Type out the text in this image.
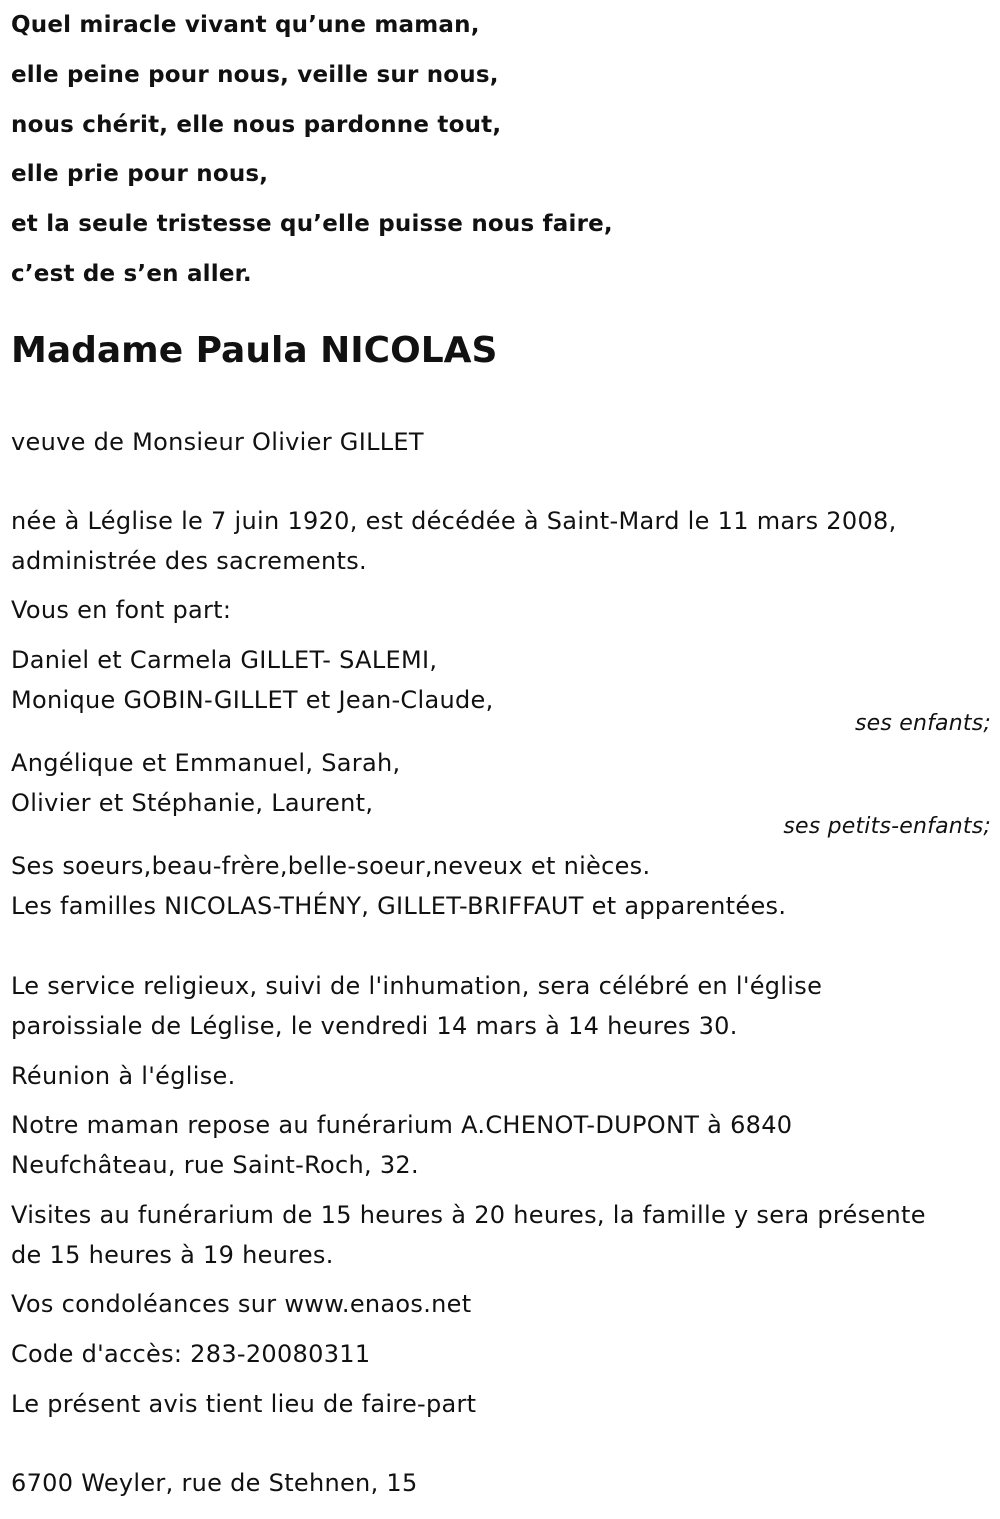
Quel miracle vivant qu’une maman,
elle peine pour nous, veille sur nous,
nous chérit, elle nous pardonne tout,
elle prie pour nous,
et la seule tristesse qu’elle puisse nous faire,
c’est de s’en aller.
Madame Paula NICOLAS
veuve de Monsieur Olivier GILLET
née à Léglise le 7 juin 1920, est décédée à Saint-Mard le 11 mars 2008,
administrée des sacrements.
Vous en font part:
Daniel et Carmela GILLET- SALEMI,
Monique GOBIN-GILLET et Jean-Claude,
ses enfants;
Angélique et Emmanuel, Sarah,
Olivier et Stéphanie, Laurent,
ses petits-enfants;
Ses soeurs,beau-frère,belle-soeur,neveux et nièces.
Les familles NICOLAS-THÉNY, GILLET-BRIFFAUT et apparentées.
Le service religieux, suivi de l'inhumation, sera célébré en l'église
paroissiale de Léglise, le vendredi 14 mars à 14 heures 30.
Réunion à l'église.
Notre maman repose au funérarium A.CHENOT-DUPONT à 6840
Neufchâteau, rue Saint-Roch, 32.
Visites au funérarium de 15 heures à 20 heures, la famille y sera présente
de 15 heures à 19 heures.
Vos condoléances sur www.enaos.net
Code d'accès: 283-20080311
Le présent avis tient lieu de faire-part
6700 Weyler, rue de Stehnen, 15
